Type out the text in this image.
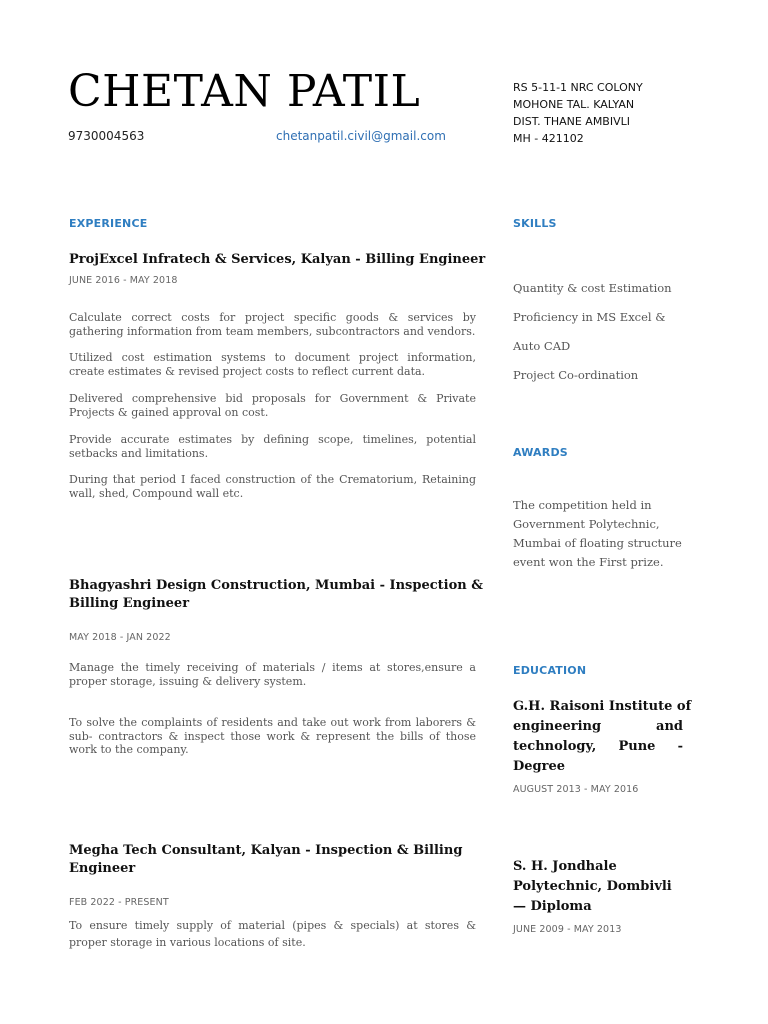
CHETAN PATIL
9730004563	chetanpatil.civil@gmail.com
RS 5-11-1 NRC COLONY
MOHONE TAL. KALYAN
DIST. THANE AMBIVLI
MH - 421102
EXPERIENCE
ProjExcel Infratech & Services, Kalyan - Billing Engineer
JUNE 2016 - MAY 2018
Calculate correct costs for project specific goods & services by gathering information from team members, subcontractors and vendors.
Utilized cost estimation systems to document project information, create estimates & revised project costs to reflect current data.
Delivered comprehensive bid proposals for Government & Private Projects & gained approval on cost.
Provide accurate estimates by defining scope, timelines, potential setbacks and limitations.
During that period I faced construction of the Crematorium, Retaining wall, shed, Compound wall etc.
Bhagyashri Design Construction, Mumbai - Inspection &
Billing Engineer
MAY 2018 - JAN 2022
Manage the timely receiving of materials / items at stores,ensure a proper storage, issuing & delivery system.
To solve the complaints of residents and take out work from laborers & sub- contractors & inspect those work & represent the bills of those work to the company.
Megha Tech Consultant, Kalyan - Inspection & Billing
Engineer
FEB 2022 - PRESENT
To ensure timely supply of material (pipes & specials) at stores & proper storage in various locations of site.
SKILLS
Quantity & cost Estimation
Proficiency in MS Excel &
Auto CAD
Project Co-ordination
AWARDS
The competition held in Government Polytechnic, Mumbai of floating structure event won the First prize.
EDUCATION
G.H. Raisoni Institute of
engineering	and
technology, Pune -
Degree
AUGUST 2013 - MAY 2016
S. H. Jondhale
Polytechnic, Dombivli
— Diploma
JUNE 2009 - MAY 2013
